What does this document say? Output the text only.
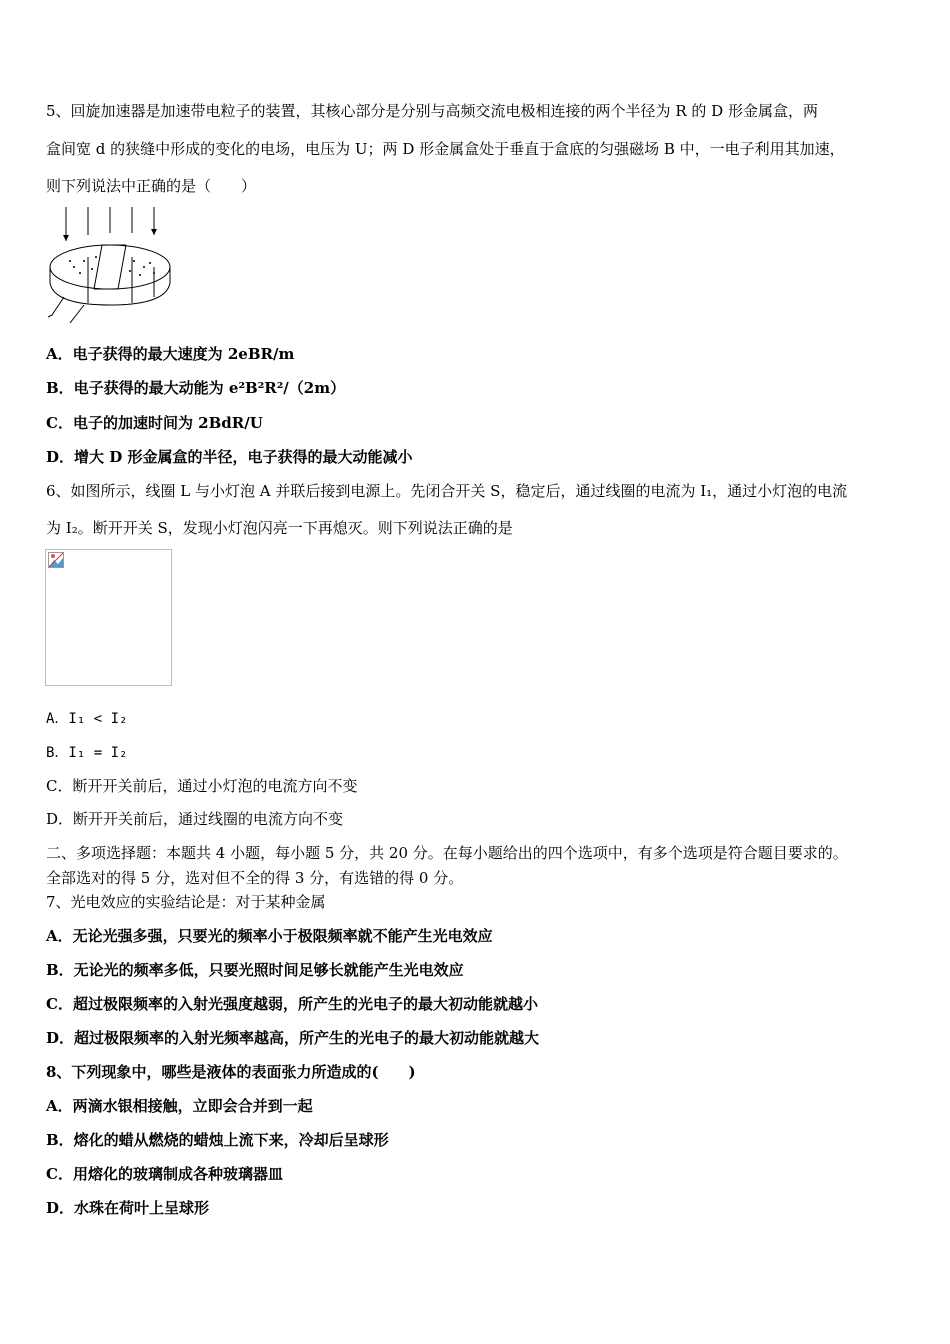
5、回旋加速器是加速带电粒子的装置，其核心部分是分别与高频交流电极相连接的两个半径为 R 的 D 形金属盒，两
盒间宽 d 的狭缝中形成的变化的电场，电压为 U；两 D 形金属盒处于垂直于盒底的匀强磁场 B 中，一电子利用其加速，
则下列说法中正确的是（　　）
A．电子获得的最大速度为 2eBR/m
B．电子获得的最大动能为 e²B²R²/（2m）
C．电子的加速时间为 2BdR/U
D．增大 D 形金属盒的半径，电子获得的最大动能减小
6、如图所示，线圈 L 与小灯泡 A 并联后接到电源上。先闭合开关 S，稳定后，通过线圈的电流为 I₁，通过小灯泡的电流
为 I₂。断开开关 S，发现小灯泡闪亮一下再熄灭。则下列说法正确的是
A．I₁ < I₂
B．I₁ = I₂
C．断开开关前后，通过小灯泡的电流方向不变
D．断开开关前后，通过线圈的电流方向不变
二、多项选择题：本题共 4 小题，每小题 5 分，共 20 分。在每小题给出的四个选项中，有多个选项是符合题目要求的。
全部选对的得 5 分，选对但不全的得 3 分，有选错的得 0 分。
7、光电效应的实验结论是：对于某种金属
A．无论光强多强，只要光的频率小于极限频率就不能产生光电效应
B．无论光的频率多低，只要光照时间足够长就能产生光电效应
C．超过极限频率的入射光强度越弱，所产生的光电子的最大初动能就越小
D．超过极限频率的入射光频率越高，所产生的光电子的最大初动能就越大
8、下列现象中，哪些是液体的表面张力所造成的(　　)
A．两滴水银相接触，立即会合并到一起
B．熔化的蜡从燃烧的蜡烛上流下来，冷却后呈球形
C．用熔化的玻璃制成各种玻璃器皿
D．水珠在荷叶上呈球形
